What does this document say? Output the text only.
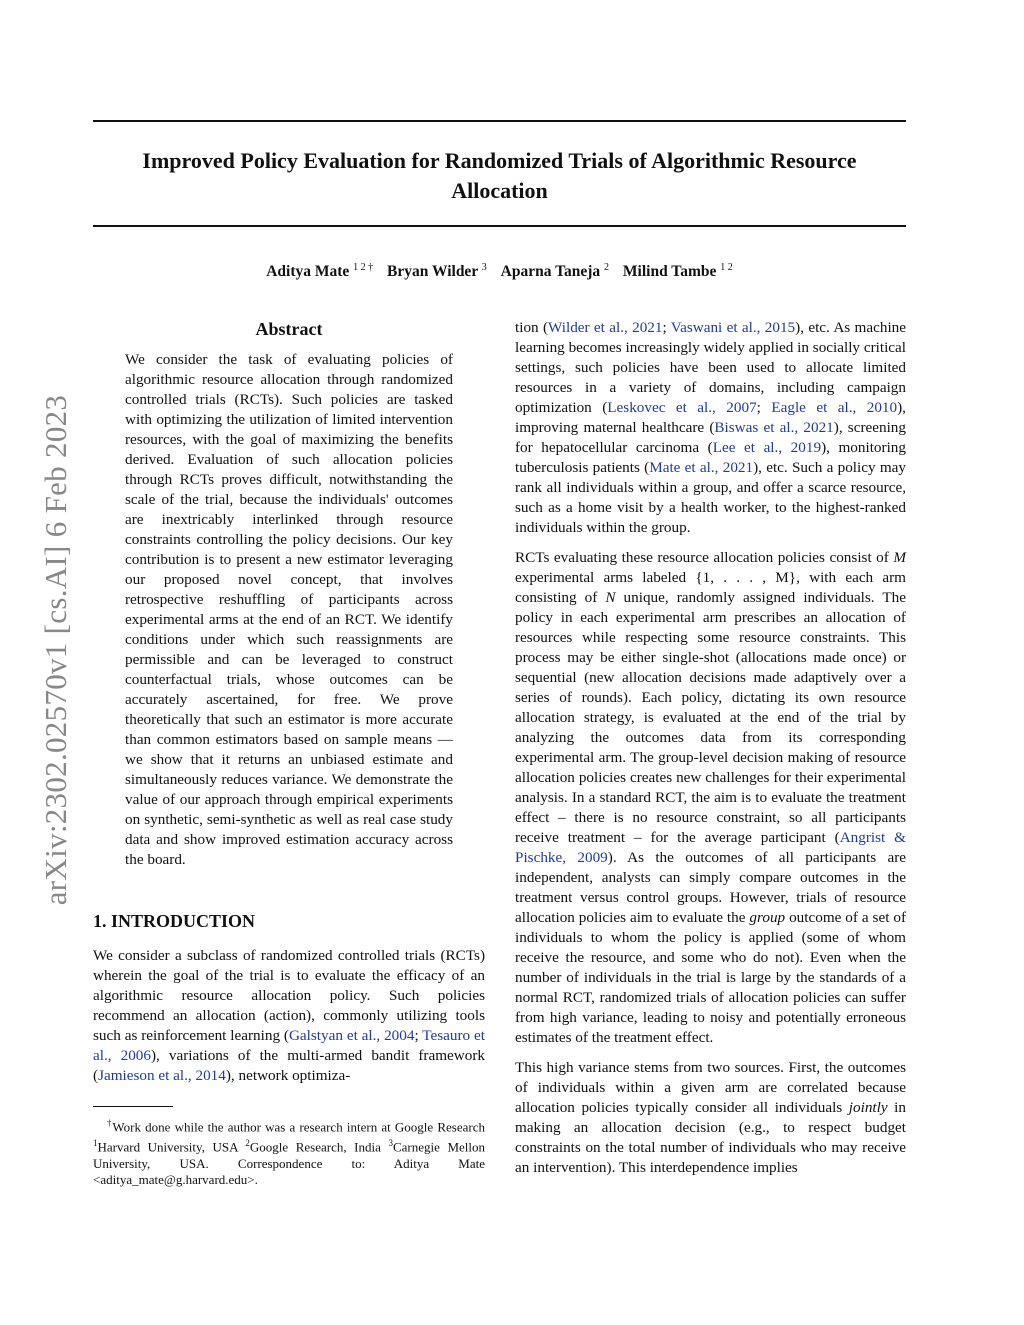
Improved Policy Evaluation for Randomized Trials of Algorithmic Resource Allocation
Aditya Mate $^{1 2 \dagger}$ Bryan Wilder $^3$ Aparna Taneja $^2$ Milind Tambe $^{1 2}$
arXiv:2302.02570v1 [cs.AI] 6 Feb 2023
Abstract

We consider the task of evaluating policies of algorithmic resource allocation through randomized controlled trials (RCTs). Such policies are tasked with optimizing the utilization of limited intervention resources, with the goal of maximizing the benefits derived. Evaluation of such allocation policies through RCTs proves difficult, notwithstanding the scale of the trial, because the individuals' outcomes are inextricably interlinked through resource constraints controlling the policy decisions. Our key contribution is to present a new estimator leveraging our proposed novel concept, that involves retrospective reshuffling of participants across experimental arms at the end of an RCT. We identify conditions under which such reassignments are permissible and can be leveraged to construct counterfactual trials, whose outcomes can be accurately ascertained, for free. We prove theoretically that such an estimator is more accurate than common estimators based on sample means — we show that it returns an unbiased estimate and simultaneously reduces variance. We demonstrate the value of our approach through empirical experiments on synthetic, semi-synthetic as well as real case study data and show improved estimation accuracy across the board.

1. INTRODUCTION

We consider a subclass of randomized controlled trials (RCTs) wherein the goal of the trial is to evaluate the efficacy of an algorithmic resource allocation policy. Such policies recommend an allocation (action), commonly utilizing tools such as reinforcement learning (Galstyan et al., 2004; Tesauro et al., 2006), variations of the multi-armed bandit framework (Jamieson et al., 2014), network optimiza-

†Work done while the author was a research intern at Google Research $^1$Harvard University, USA $^2$Google Research, India $^3$Carnegie Mellon University, USA. Correspondence to: Aditya Mate <aditya_mate@g.harvard.edu>.

tion (Wilder et al., 2021; Vaswani et al., 2015), etc. As machine learning becomes increasingly widely applied in socially critical settings, such policies have been used to allocate limited resources in a variety of domains, including campaign optimization (Leskovec et al., 2007; Eagle et al., 2010), improving maternal healthcare (Biswas et al., 2021), screening for hepatocellular carcinoma (Lee et al., 2019), monitoring tuberculosis patients (Mate et al., 2021), etc. Such a policy may rank all individuals within a group, and offer a scarce resource, such as a home visit by a health worker, to the highest-ranked individuals within the group.

RCTs evaluating these resource allocation policies consist of M experimental arms labeled {1, . . . , M}, with each arm consisting of N unique, randomly assigned individuals. The policy in each experimental arm prescribes an allocation of resources while respecting some resource constraints. This process may be either single-shot (allocations made once) or sequential (new allocation decisions made adaptively over a series of rounds). Each policy, dictating its own resource allocation strategy, is evaluated at the end of the trial by analyzing the outcomes data from its corresponding experimental arm. The group-level decision making of resource allocation policies creates new challenges for their experimental analysis. In a standard RCT, the aim is to evaluate the treatment effect – there is no resource constraint, so all participants receive treatment – for the average participant (Angrist & Pischke, 2009). As the outcomes of all participants are independent, analysts can simply compare outcomes in the treatment versus control groups. However, trials of resource allocation policies aim to evaluate the group outcome of a set of individuals to whom the policy is applied (some of whom receive the resource, and some who do not). Even when the number of individuals in the trial is large by the standards of a normal RCT, randomized trials of allocation policies can suffer from high variance, leading to noisy and potentially erroneous estimates of the treatment effect.

This high variance stems from two sources. First, the outcomes of individuals within a given arm are correlated because allocation policies typically consider all individuals jointly in making an allocation decision (e.g., to respect budget constraints on the total number of individuals who may receive an intervention). This interdependence implies
